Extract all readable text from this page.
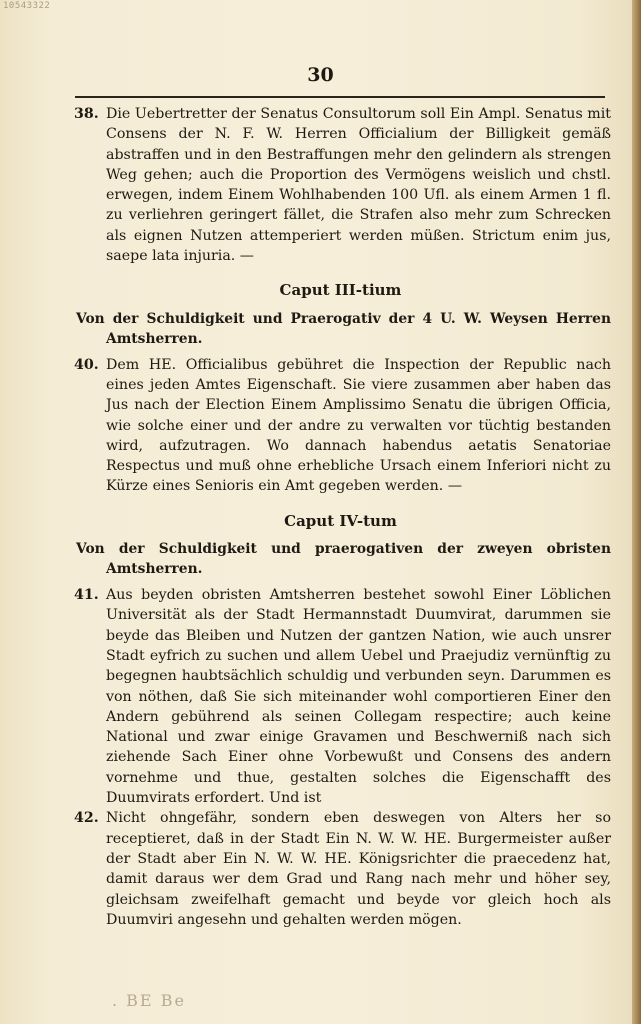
10543322
30
38. Die Uebertretter der Senatus Consultorum soll Ein Ampl. Senatus mit Consens der N. F. W. Herren Officialium der Billigkeit gemäß abstraffen und in den Bestraffungen mehr den gelindern als strengen Weg gehen; auch die Proportion des Vermögens weislich und chstl. erwegen, indem Einem Wohlhabenden 100 Ufl. als einem Armen 1 fl. zu verliehren geringert fället, die Strafen also mehr zum Schrecken als eignen Nutzen attemperiert werden müßen. Strictum enim jus, saepe lata injuria. —
Caput III-tium
Von der Schuldigkeit und Praerogativ der 4 U. W. Weysen Herren Amtsherren.
40. Dem HE. Officialibus gebühret die Inspection der Republic nach eines jeden Amtes Eigenschaft. Sie viere zusammen aber haben das Jus nach der Election Einem Amplissimo Senatu die übrigen Officia, wie solche einer und der andre zu verwalten vor tüchtig bestanden wird, aufzutragen. Wo dannach habendus aetatis Senatoriae Respectus und muß ohne erhebliche Ursach einem Inferiori nicht zu Kürze eines Senioris ein Amt gegeben werden. —
Caput IV-tum
Von der Schuldigkeit und praerogativen der zweyen obristen Amtsherren.
41. Aus beyden obristen Amtsherren bestehet sowohl Einer Löblichen Universität als der Stadt Hermannstadt Duumvirat, darummen sie beyde das Bleiben und Nutzen der gantzen Nation, wie auch unsrer Stadt eyfrich zu suchen und allem Uebel und Praejudiz vernünftig zu begegnen haubtsächlich schuldig und verbunden seyn. Darummen es von nöthen, daß Sie sich miteinander wohl comportieren Einer den Andern gebührend als seinen Collegam respectire; auch keine National und zwar einige Gravamen und Beschwerniß nach sich ziehende Sach Einer ohne Vorbewußt und Consens des andern vornehme und thue, gestalten solches die Eigenschafft des Duumvirats erfordert. Und ist
42. Nicht ohngefähr, sondern eben deswegen von Alters her so receptieret, daß in der Stadt Ein N. W. W. HE. Burgermeister außer der Stadt aber Ein N. W. W. HE. Königsrichter die praecedenz hat, damit daraus wer dem Grad und Rang nach mehr und höher sey, gleichsam zweifelhaft gemacht und beyde vor gleich hoch als Duumviri angesehn und gehalten werden mögen.
. BE Be
